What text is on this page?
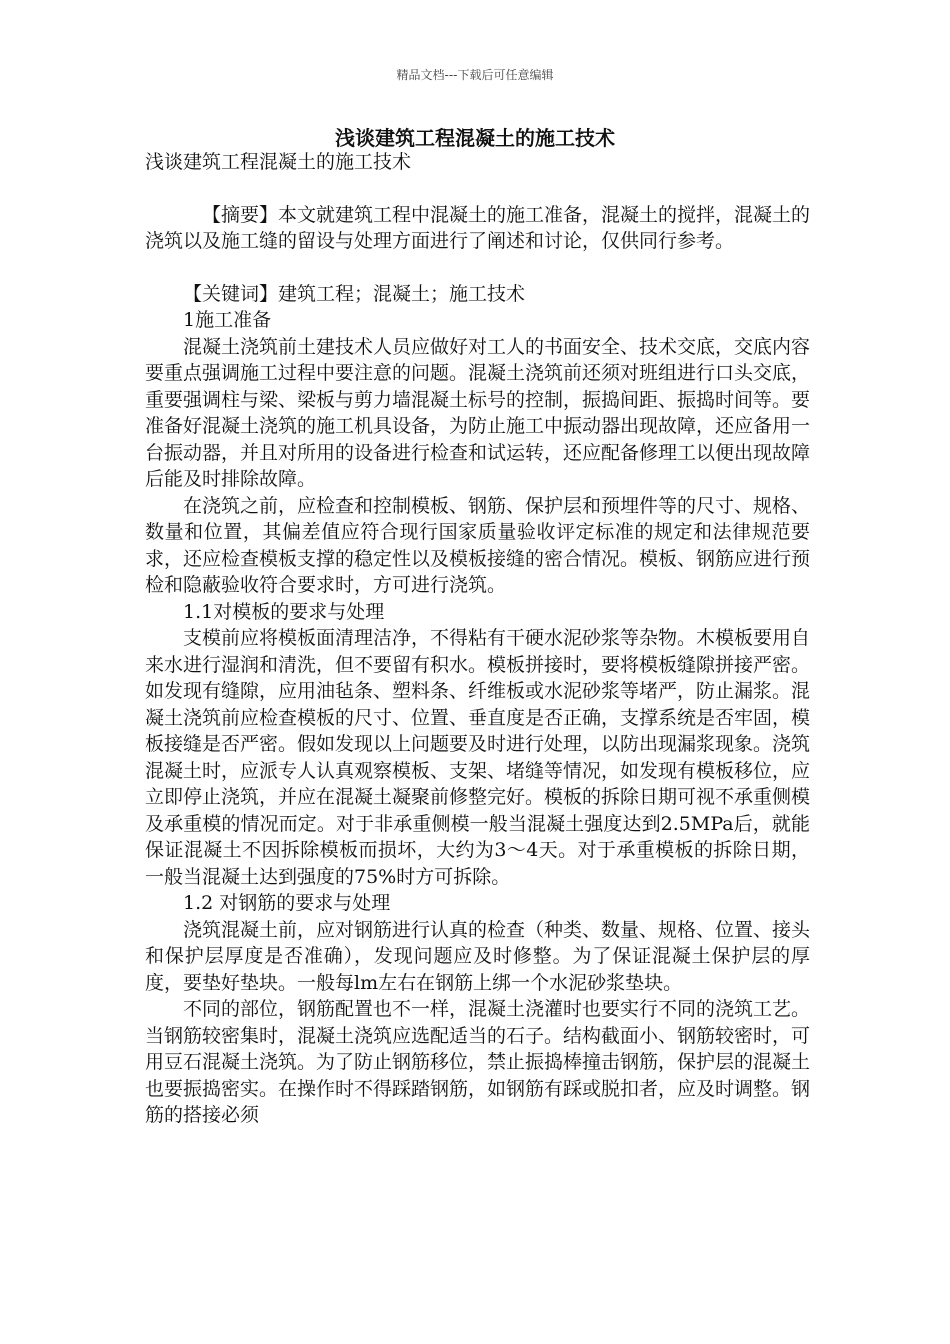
精品文档---下载后可任意编辑
浅谈建筑工程混凝土的施工技术

浅谈建筑工程混凝土的施工技术

【摘要】本文就建筑工程中混凝土的施工准备，混凝土的搅拌，混凝土的浇筑以及施工缝的留设与处理方面进行了阐述和讨论，仅供同行参考。

【关键词】建筑工程；混凝土；施工技术

1施工准备

混凝土浇筑前土建技术人员应做好对工人的书面安全、技术交底，交底内容要重点强调施工过程中要注意的问题。混凝土浇筑前还须对班组进行口头交底，重要强调柱与梁、梁板与剪力墙混凝土标号的控制，振捣间距、振捣时间等。要准备好混凝土浇筑的施工机具设备，为防止施工中振动器出现故障，还应备用一台振动器，并且对所用的设备进行检查和试运转，还应配备修理工以便出现故障后能及时排除故障。

在浇筑之前，应检查和控制模板、钢筋、保护层和预埋件等的尺寸、规格、数量和位置，其偏差值应符合现行国家质量验收评定标准的规定和法律规范要求，还应检查模板支撑的稳定性以及模板接缝的密合情况。模板、钢筋应进行预检和隐蔽验收符合要求时，方可进行浇筑。

1.1对模板的要求与处理

支模前应将模板面清理洁净，不得粘有干硬水泥砂浆等杂物。木模板要用自来水进行湿润和清洗，但不要留有积水。模板拼接时，要将模板缝隙拼接严密。如发现有缝隙，应用油毡条、塑料条、纤维板或水泥砂浆等堵严，防止漏浆。混凝土浇筑前应检查模板的尺寸、位置、垂直度是否正确，支撑系统是否牢固，模板接缝是否严密。假如发现以上问题要及时进行处理，以防出现漏浆现象。浇筑混凝土时，应派专人认真观察模板、支架、堵缝等情况，如发现有模板移位，应立即停止浇筑，并应在混凝土凝聚前修整完好。模板的拆除日期可视不承重侧模及承重模的情况而定。对于非承重侧模一般当混凝土强度达到2.5MPa后，就能保证混凝土不因拆除模板而损坏，大约为3～4天。对于承重模板的拆除日期，一般当混凝土达到强度的75%时方可拆除。

1.2 对钢筋的要求与处理

浇筑混凝土前，应对钢筋进行认真的检查（种类、数量、规格、位置、接头和保护层厚度是否准确），发现问题应及时修整。为了保证混凝土保护层的厚度，要垫好垫块。一般每lm左右在钢筋上绑一个水泥砂浆垫块。

不同的部位，钢筋配置也不一样，混凝土浇灌时也要实行不同的浇筑工艺。当钢筋较密集时，混凝土浇筑应选配适当的石子。结构截面小、钢筋较密时，可用豆石混凝土浇筑。为了防止钢筋移位，禁止振捣棒撞击钢筋，保护层的混凝土也要振捣密实。在操作时不得踩踏钢筋，如钢筋有踩或脱扣者，应及时调整。钢筋的搭接必须
